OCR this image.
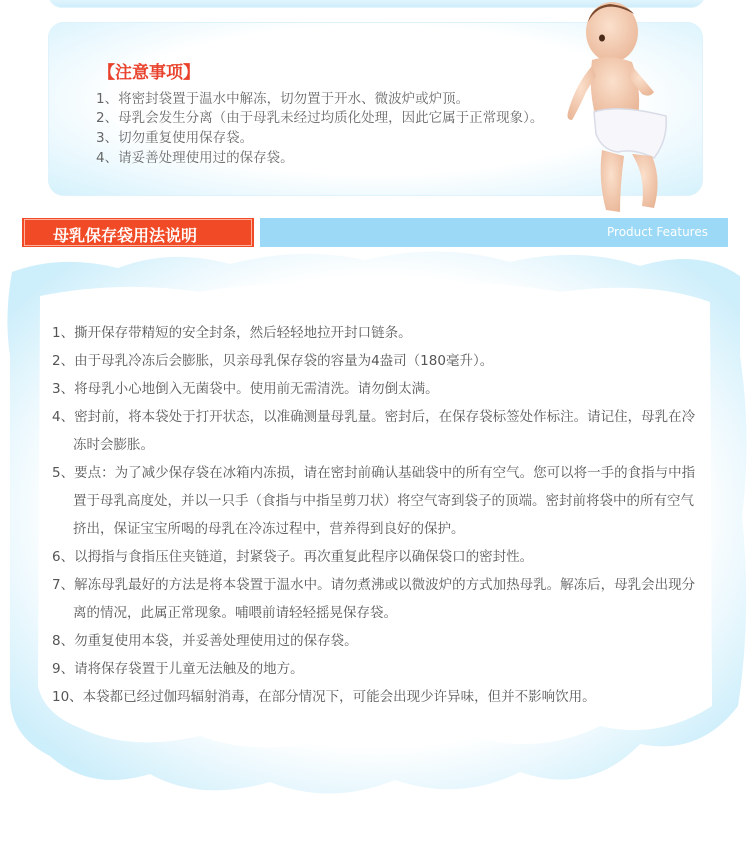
【注意事项】

1、将密封袋置于温水中解冻，切勿置于开水、微波炉或炉顶。

2、母乳会发生分离（由于母乳未经过均质化处理，因此它属于正常现象）。

3、切勿重复使用保存袋。

4、请妥善处理使用过的保存袋。

母乳保存袋用法说明	Product Features

1、撕开保存带精短的安全封条，然后轻轻地拉开封口链条。
2、由于母乳冷冻后会膨胀，贝亲母乳保存袋的容量为4盎司（180毫升）。
3、将母乳小心地倒入无菌袋中。使用前无需清洗。请勿倒太满。
4、密封前，将本袋处于打开状态，以准确测量母乳量。密封后，在保存袋标签处作标注。请记住，母乳在冷冻时会膨胀。
5、要点：为了减少保存袋在冰箱内冻损，请在密封前确认基础袋中的所有空气。您可以将一手的食指与中指置于母乳高度处，并以一只手（食指与中指呈剪刀状）将空气寄到袋子的顶端。密封前将袋中的所有空气挤出，保证宝宝所喝的母乳在冷冻过程中，营养得到良好的保护。
6、以拇指与食指压住夹链道，封紧袋子。再次重复此程序以确保袋口的密封性。
7、解冻母乳最好的方法是将本袋置于温水中。请勿煮沸或以微波炉的方式加热母乳。解冻后，母乳会出现分离的情况，此属正常现象。哺喂前请轻轻摇晃保存袋。
8、勿重复使用本袋，并妥善处理使用过的保存袋。
9、请将保存袋置于儿童无法触及的地方。
10、本袋都已经过伽玛辐射消毒，在部分情况下，可能会出现少许异味，但并不影响饮用。
